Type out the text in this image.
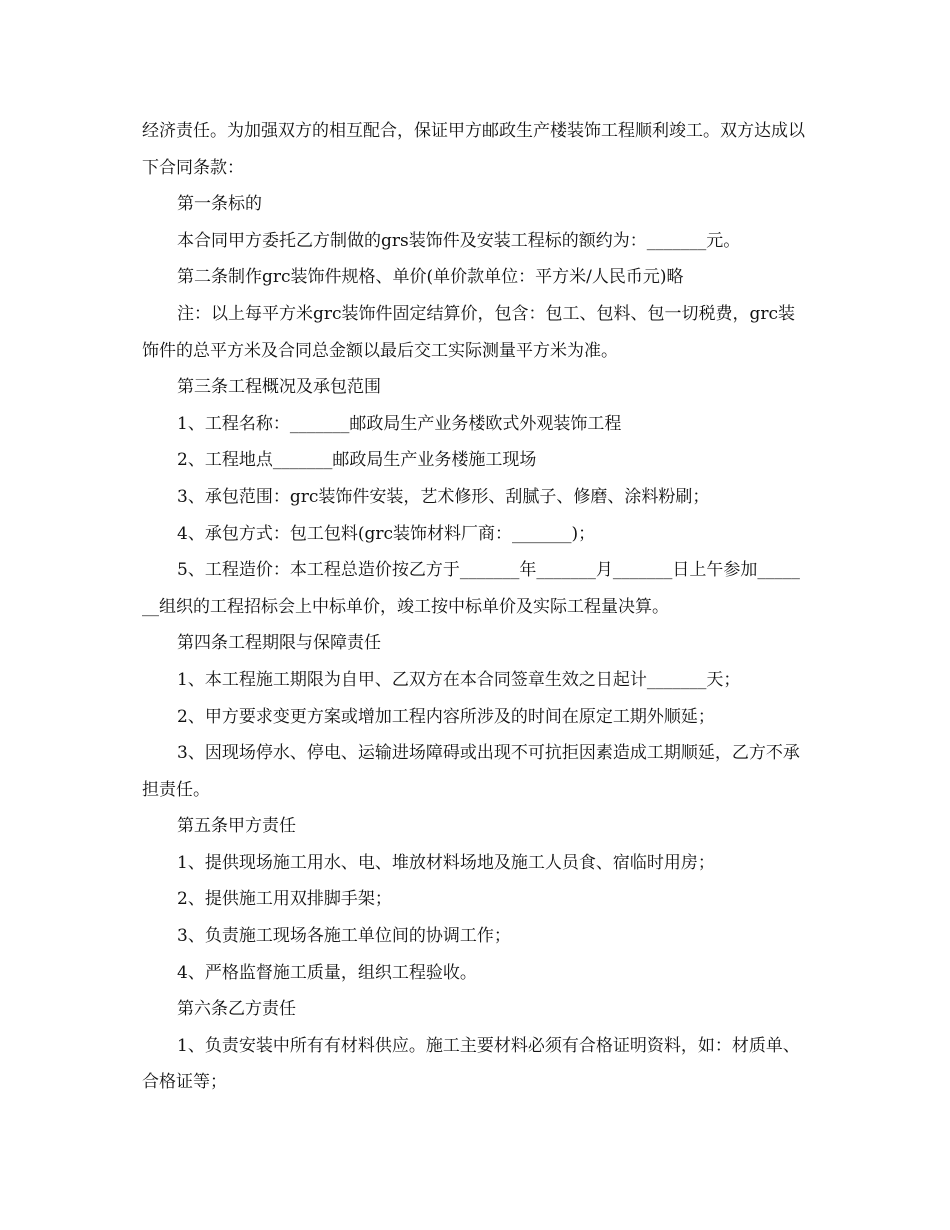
经济责任。为加强双方的相互配合，保证甲方邮政生产楼装饰工程顺利竣工。双方达成以下合同条款：

第一条标的

本合同甲方委托乙方制做的grs装饰件及安装工程标的额约为：_______元。

第二条制作grc装饰件规格、单价(单价款单位：平方米/人民币元)略

注：以上每平方米grc装饰件固定结算价，包含：包工、包料、包一切税费，grc装饰件的总平方米及合同总金额以最后交工实际测量平方米为准。

第三条工程概况及承包范围

1、工程名称：_______邮政局生产业务楼欧式外观装饰工程

2、工程地点_______邮政局生产业务楼施工现场

3、承包范围：grc装饰件安装，艺术修形、刮腻子、修磨、涂料粉刷；

4、承包方式：包工包料(grc装饰材料厂商：_______)；

5、工程造价：本工程总造价按乙方于_______年_______月_______日上午参加_______组织的工程招标会上中标单价，竣工按中标单价及实际工程量决算。

第四条工程期限与保障责任

1、本工程施工期限为自甲、乙双方在本合同签章生效之日起计_______天；

2、甲方要求变更方案或增加工程内容所涉及的时间在原定工期外顺延；

3、因现场停水、停电、运输进场障碍或出现不可抗拒因素造成工期顺延，乙方不承担责任。

第五条甲方责任

1、提供现场施工用水、电、堆放材料场地及施工人员食、宿临时用房；

2、提供施工用双排脚手架；

3、负责施工现场各施工单位间的协调工作；

4、严格监督施工质量，组织工程验收。

第六条乙方责任

1、负责安装中所有有材料供应。施工主要材料必须有合格证明资料，如：材质单、合格证等；
